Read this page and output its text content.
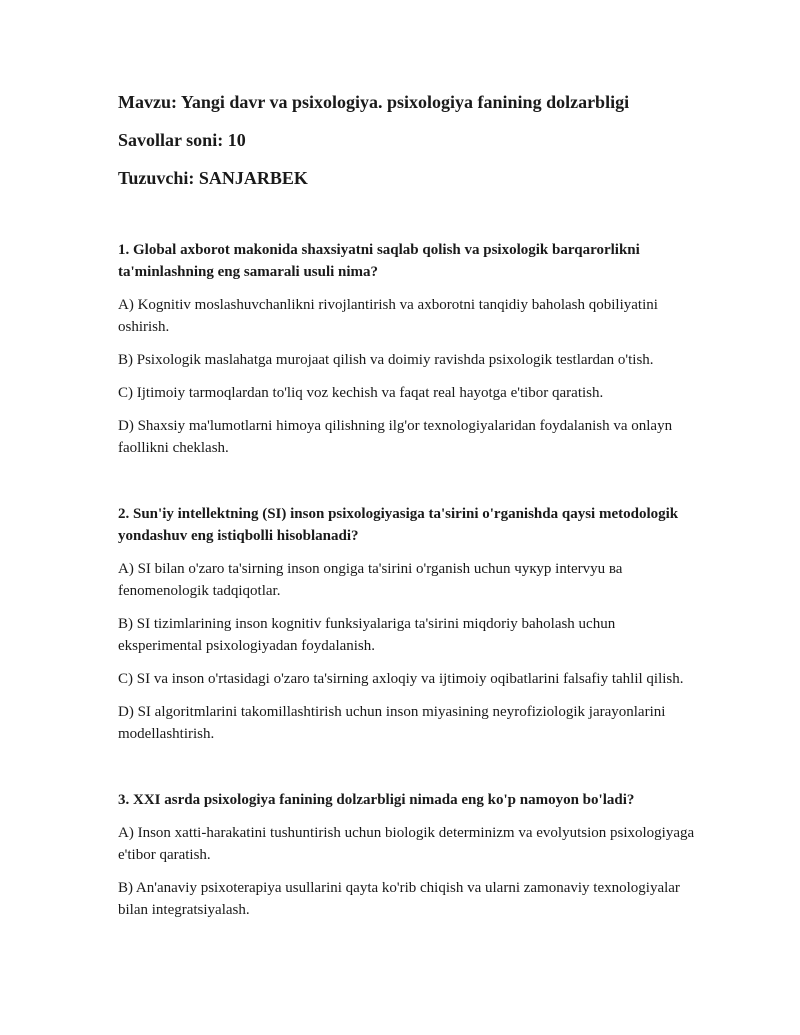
Mavzu: Yangi davr va psixologiya. psixologiya fanining dolzarbligi

Savollar soni: 10

Tuzuvchi: SANJARBEK

1. Global axborot makonida shaxsiyatni saqlab qolish va psixologik barqarorlikni ta'minlashning eng samarali usuli nima?

A) Kognitiv moslashuvchanlikni rivojlantirish va axborotni tanqidiy baholash qobiliyatini oshirish.

B) Psixologik maslahatga murojaat qilish va doimiy ravishda psixologik testlardan o'tish.

C) Ijtimoiy tarmoqlardan to'liq voz kechish va faqat real hayotga e'tibor qaratish.

D) Shaxsiy ma'lumotlarni himoya qilishning ilg'or texnologiyalaridan foydalanish va onlayn faollikni cheklash.

2. Sun'iy intellektning (SI) inson psixologiyasiga ta'sirini o'rganishda qaysi metodologik yondashuv eng istiqbolli hisoblanadi?

A) SI bilan o'zaro ta'sirning inson ongiga ta'sirini o'rganish uchun чукур intervyu ва fenomenologik tadqiqotlar.

B) SI tizimlarining inson kognitiv funksiyalariga ta'sirini miqdoriy baholash uchun eksperimental psixologiyadan foydalanish.

C) SI va inson o'rtasidagi o'zaro ta'sirning axloqiy va ijtimoiy oqibatlarini falsafiy tahlil qilish.

D) SI algoritmlarini takomillashtirish uchun inson miyasining neyrofiziologik jarayonlarini modellashtirish.

3. XXI asrda psixologiya fanining dolzarbligi nimada eng ko'p namoyon bo'ladi?

A) Inson xatti-harakatini tushuntirish uchun biologik determinizm va evolyutsion psixologiyaga e'tibor qaratish.

B) An'anaviy psixoterapiya usullarini qayta ko'rib chiqish va ularni zamonaviy texnologiyalar bilan integratsiyalash.
